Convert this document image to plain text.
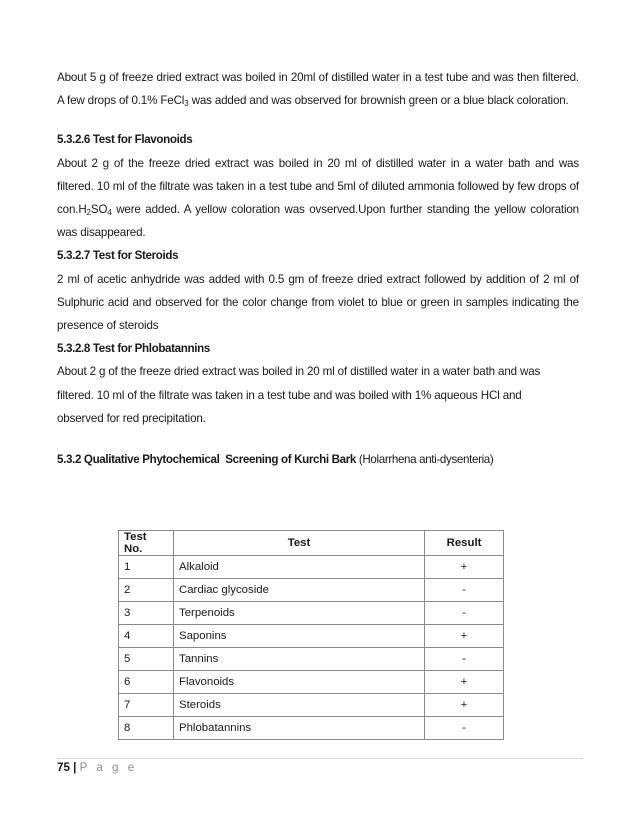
About 5 g of freeze dried extract was boiled in 20ml of distilled water in a test tube and was then filtered. A few drops of 0.1% FeCl$_3$ was added and was observed for brownish green or a blue black coloration.

5.3.2.6 Test for Flavonoids

About 2 g of the freeze dried extract was boiled in 20 ml of distilled water in a water bath and was filtered. 10 ml of the filtrate was taken in a test tube and 5ml of diluted ammonia followed by few drops of $con.H_2SO_4$ were added. A yellow coloration was ovserved.Upon further standing the yellow coloration was disappeared.

5.3.2.7 Test for Steroids

2 ml of acetic anhydride was added with 0.5 gm of freeze dried extract followed by addition of 2 ml of Sulphuric acid and observed for the color change from violet to blue or green in samples indicating the presence of steroids

5.3.2.8 Test for Phlobatannins

About 2 g of the freeze dried extract was boiled in 20 ml of distilled water in a water bath and was

filtered. 10 ml of the filtrate was taken in a test tube and was boiled with 1% aqueous HCl and

observed for red precipitation.

5.3.2 Qualitative Phytochemical  Screening of Kurchi Bark (Holarrhena anti-dysenteria)

Test No.	Test	Result
1	Alkaloid	+
2	Cardiac glycoside	-
3	Terpenoids	-
4	Saponins	+
5	Tannins	-
6	Flavonoids	+
7	Steroids	+
8	Phlobatannins	-
75 | P a g e
